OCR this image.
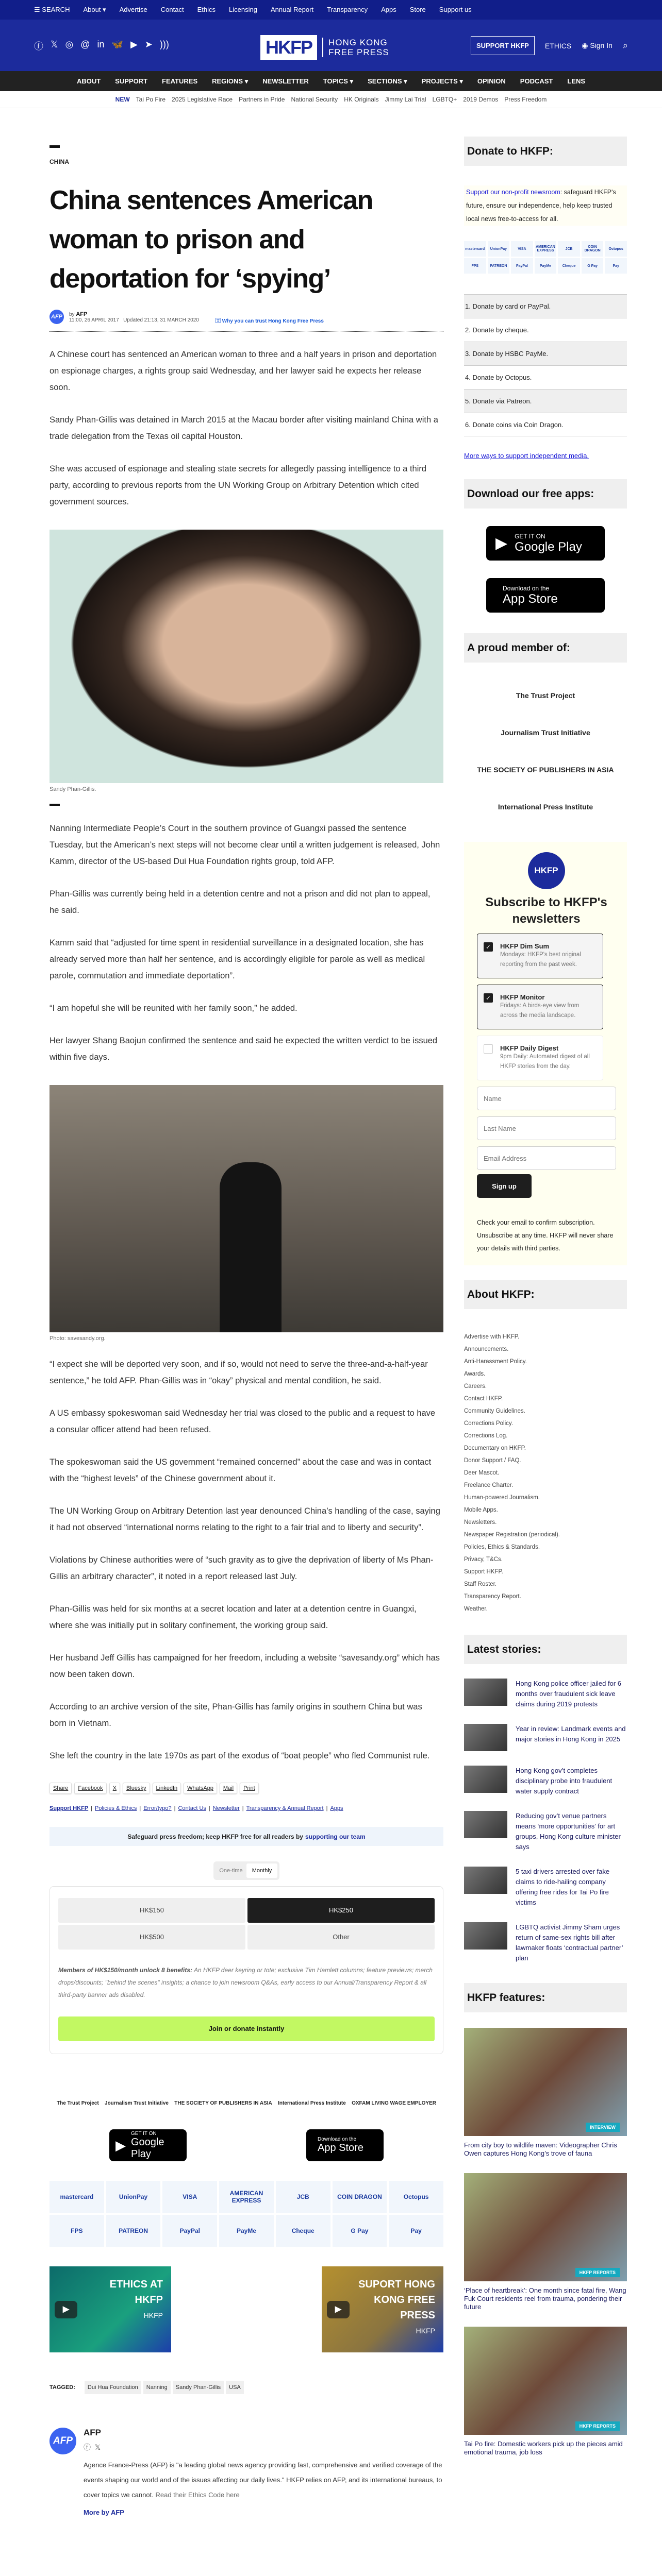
☰ SEARCH About ▾ Advertise Contact Ethics Licensing Annual Report Transparency Apps Store Support us
ⓕ 𝕏 ◎ @ in 🦋 ▶ ➤ )))	HKFP	HONG KONG
FREE PRESS
SUPPORT HKFP	ETHICS ◉ Sign In ⌕
ABOUT SUPPORT FEATURES REGIONS ▾ NEWSLETTER TOPICS ▾ SECTIONS ▾ PROJECTS ▾ OPINION PODCAST LENS
NEW Tai Po Fire 2025 Legislative Race Partners in Pride National Security HK Originals Jimmy Lai Trial LGBTQ+ 2019 Demos Press Freedom
CHINA
China sentences American woman to prison and deportation for ‘spying’
AFP	by AFP
11:00, 26 APRIL 2017 Updated 21:13, 31 MARCH 2020	🅃 Why you can trust Hong Kong Free Press

A Chinese court has sentenced an American woman to three and a half years in prison and deportation on espionage charges, a rights group said Wednesday, and her lawyer said he expects her release soon.

Sandy Phan-Gillis was detained in March 2015 at the Macau border after visiting mainland China with a trade delegation from the Texas oil capital Houston.

She was accused of espionage and stealing state secrets for allegedly passing intelligence to a third party, according to previous reports from the UN Working Group on Arbitrary Detention which cited government sources.

Sandy Phan-Gillis.

Nanning Intermediate People’s Court in the southern province of Guangxi passed the sentence Tuesday, but the American’s next steps will not become clear until a written judgement is released, John Kamm, director of the US-based Dui Hua Foundation rights group, told AFP.

Phan-Gillis was currently being held in a detention centre and not a prison and did not plan to appeal, he said.

Kamm said that “adjusted for time spent in residential surveillance in a designated location, she has already served more than half her sentence, and is accordingly eligible for parole as well as medical parole, commutation and immediate deportation”.

“I am hopeful she will be reunited with her family soon,” he added.

Her lawyer Shang Baojun confirmed the sentence and said he expected the written verdict to be issued within five days.

Photo: savesandy.org.

“I expect she will be deported very soon, and if so, would not need to serve the three-and-a-half-year sentence,” he told AFP. Phan-Gillis was in “okay” physical and mental condition, he said.

A US embassy spokeswoman said Wednesday her trial was closed to the public and a request to have a consular officer attend had been refused.

The spokeswoman said the US government “remained concerned” about the case and was in contact with the “highest levels” of the Chinese government about it.

The UN Working Group on Arbitrary Detention last year denounced China’s handling of the case, saying it had not observed “international norms relating to the right to a fair trial and to liberty and security”.

Violations by Chinese authorities were of “such gravity as to give the deprivation of liberty of Ms Phan-Gillis an arbitrary character”, it noted in a report released last July.

Phan-Gillis was held for six months at a secret location and later at a detention centre in Guangxi, where she was initially put in solitary confinement, the working group said.

Her husband Jeff Gillis has campaigned for her freedom, including a website “savesandy.org” which has now been taken down.

According to an archive version of the site, Phan-Gillis has family origins in southern China but was born in Vietnam.

She left the country in the late 1970s as part of the exodus of “boat people” who fled Communist rule.

Share	Facebook	X	Bluesky	LinkedIn	WhatsApp	Mail	Print
Support HKFP | Policies & Ethics | Error/typo? | Contact Us | Newsletter | Transparency & Annual Report | Apps
Safeguard press freedom; keep HKFP free for all readers by supporting our team
One-time	Monthly
HK$150	HK$250
HK$500	Other
Members of HK$150/month unlock 8 benefits: An HKFP deer keyring or tote; exclusive Tim Hamlett columns; feature previews; merch drops/discounts; "behind the scenes" insights; a chance to join newsroom Q&As, early access to our Annual/Transparency Report & all third-party banner ads disabled.
Join or donate instantly
The Trust Project Journalism Trust Initiative THE SOCIETY OF PUBLISHERS IN ASIA International Press Institute OXFAM LIVING WAGE EMPLOYER
▶
GET IT ON
Google Play
Download on the
App Store
mastercard	UnionPay	VISA	AMERICAN EXPRESS	JCB	COIN DRAGON	Octopus
FPS	PATREON	PayPal	PayMe	Cheque	G Pay	Pay
ETHICS AT HKFP
HKFP
▶
SUPORT HONG KONG FREE PRESS
HKFP
▶
TAGGED:	Dui Hua Foundation	Nanning	Sandy Phan-Gillis	USA
AFP
AFP
ⓕ 𝕏
Agence France-Press (AFP) is "a leading global news agency providing fast, comprehensive and verified coverage of the events shaping our world and of the issues affecting our daily lives." HKFP relies on AFP, and its international bureaus, to cover topics we cannot. Read their Ethics Code here
More by AFP
Donate to HKFP:
Support our non-profit newsroom: safeguard HKFP's future, ensure our independence, help keep trusted local news free-to-access for all.
mastercard	UnionPay	VISA	AMERICAN EXPRESS	JCB	COIN DRAGON	Octopus
FPS	PATREON	PayPal	PayMe	Cheque	G Pay	Pay
1. Donate by card or PayPal.
2. Donate by cheque.
3. Donate by HSBC PayMe.
4. Donate by Octopus.
5. Donate via Patreon.
6. Donate coins via Coin Dragon.
More ways to support independent media.
Download our free apps:
▶ GET IT ON
Google Play
Download on the
App Store
A proud member of:
The Trust Project
Journalism Trust Initiative
THE SOCIETY OF PUBLISHERS IN ASIA
International Press Institute
HKFP
Subscribe to HKFP's newsletters
✓	HKFP Dim Sum
Mondays: HKFP's best original reporting from the past week.
✓	HKFP Monitor
Fridays: A birds-eye view from across the media landscape.
HKFP Daily Digest
9pm Daily: Automated digest of all HKFP stories from the day.
Name
Last Name
Email Address
Sign up
Check your email to confirm subscription. Unsubscribe at any time. HKFP will never share your details with third parties.
About HKFP:
Advertise with HKFP.
Announcements.
Anti-Harassment Policy.
Awards.
Careers.
Contact HKFP.
Community Guidelines.
Corrections Policy.
Corrections Log.
Documentary on HKFP.
Donor Support / FAQ.
Deer Mascot.
Freelance Charter.
Human-powered Journalism.
Mobile Apps.
Newsletters.
Newspaper Registration (periodical).
Policies, Ethics & Standards.
Privacy, T&Cs.
Support HKFP.
Staff Roster.
Transparency Report.
Weather.
Latest stories:
Hong Kong police officer jailed for 6 months over fraudulent sick leave claims during 2019 protests
Year in review: Landmark events and major stories in Hong Kong in 2025
Hong Kong gov’t completes disciplinary probe into fraudulent water supply contract
Reducing gov’t venue partners means ‘more opportunities’ for art groups, Hong Kong culture minister says
5 taxi drivers arrested over fake claims to ride-hailing company offering free rides for Tai Po fire victims
LGBTQ activist Jimmy Sham urges return of same-sex rights bill after lawmaker floats ‘contractual partner’ plan
HKFP features:
INTERVIEW
From city boy to wildlife maven: Videographer Chris Owen captures Hong Kong’s trove of fauna
HKFP REPORTS
‘Place of heartbreak’: One month since fatal fire, Wang Fuk Court residents reel from trauma, pondering their future
HKFP REPORTS
Tai Po fire: Domestic workers pick up the pieces amid emotional trauma, job loss
